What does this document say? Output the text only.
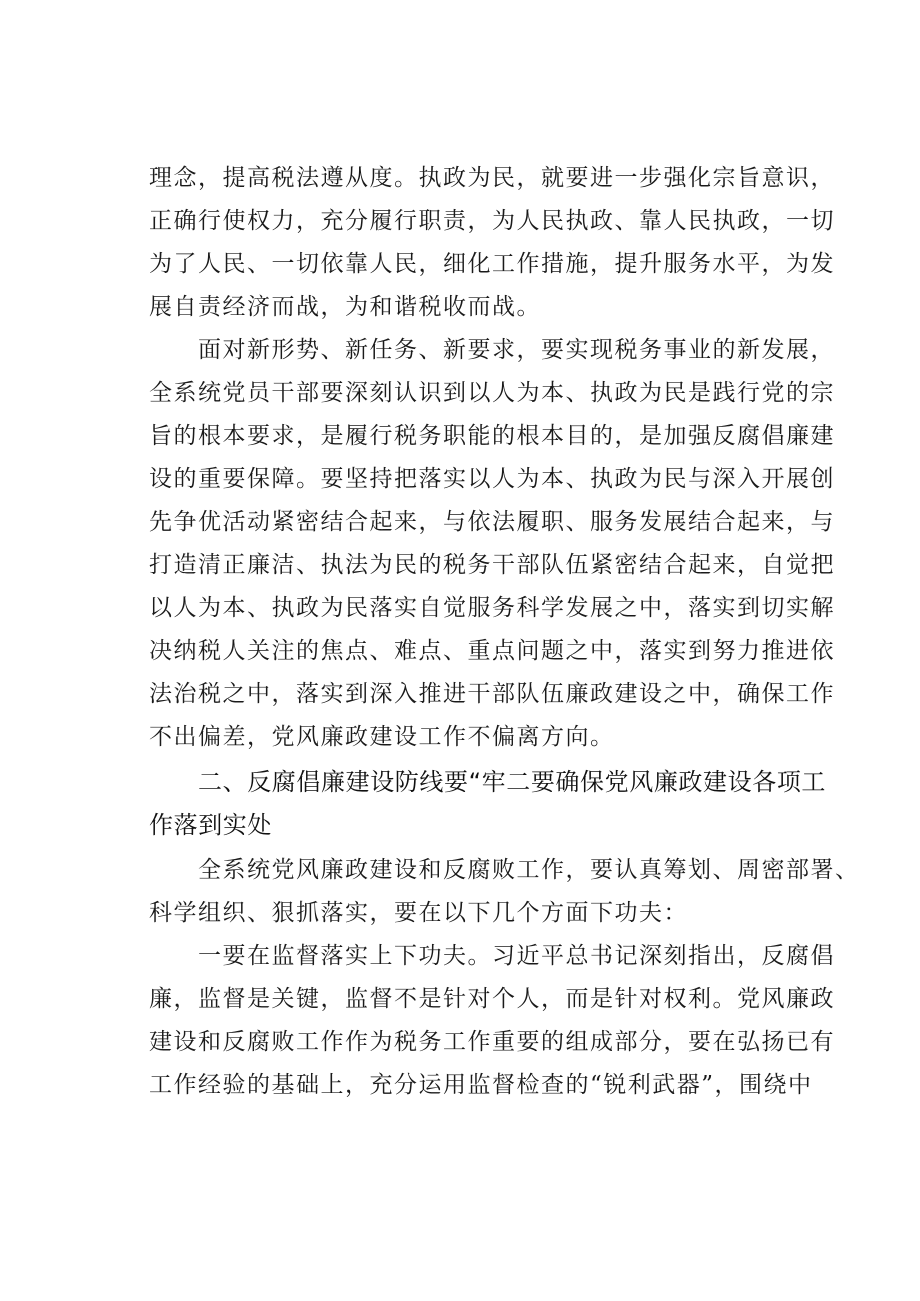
理念，提高税法遵从度。执政为民，就要进一步强化宗旨意识，
正确行使权力，充分履行职责，为人民执政、靠人民执政，一切
为了人民、一切依靠人民，细化工作措施，提升服务水平，为发
展自责经济而战，为和谐税收而战。
面对新形势、新任务、新要求，要实现税务事业的新发展，
全系统党员干部要深刻认识到以人为本、执政为民是践行党的宗
旨的根本要求，是履行税务职能的根本目的，是加强反腐倡廉建
设的重要保障。要坚持把落实以人为本、执政为民与深入开展创
先争优活动紧密结合起来，与依法履职、服务发展结合起来，与
打造清正廉洁、执法为民的税务干部队伍紧密结合起来，自觉把
以人为本、执政为民落实自觉服务科学发展之中，落实到切实解
决纳税人关注的焦点、难点、重点问题之中，落实到努力推进依
法治税之中，落实到深入推进干部队伍廉政建设之中，确保工作
不出偏差，党风廉政建设工作不偏离方向。
二、反腐倡廉建设防线要“牢二要确保党风廉政建设各项工
作落到实处
全系统党风廉政建设和反腐败工作，要认真筹划、周密部署、
科学组织、狠抓落实，要在以下几个方面下功夫：
一要在监督落实上下功夫。习近平总书记深刻指出，反腐倡
廉，监督是关键，监督不是针对个人，而是针对权利。党风廉政
建设和反腐败工作作为税务工作重要的组成部分，要在弘扬已有
工作经验的基础上，充分运用监督检查的“锐利武器”，围绕中
